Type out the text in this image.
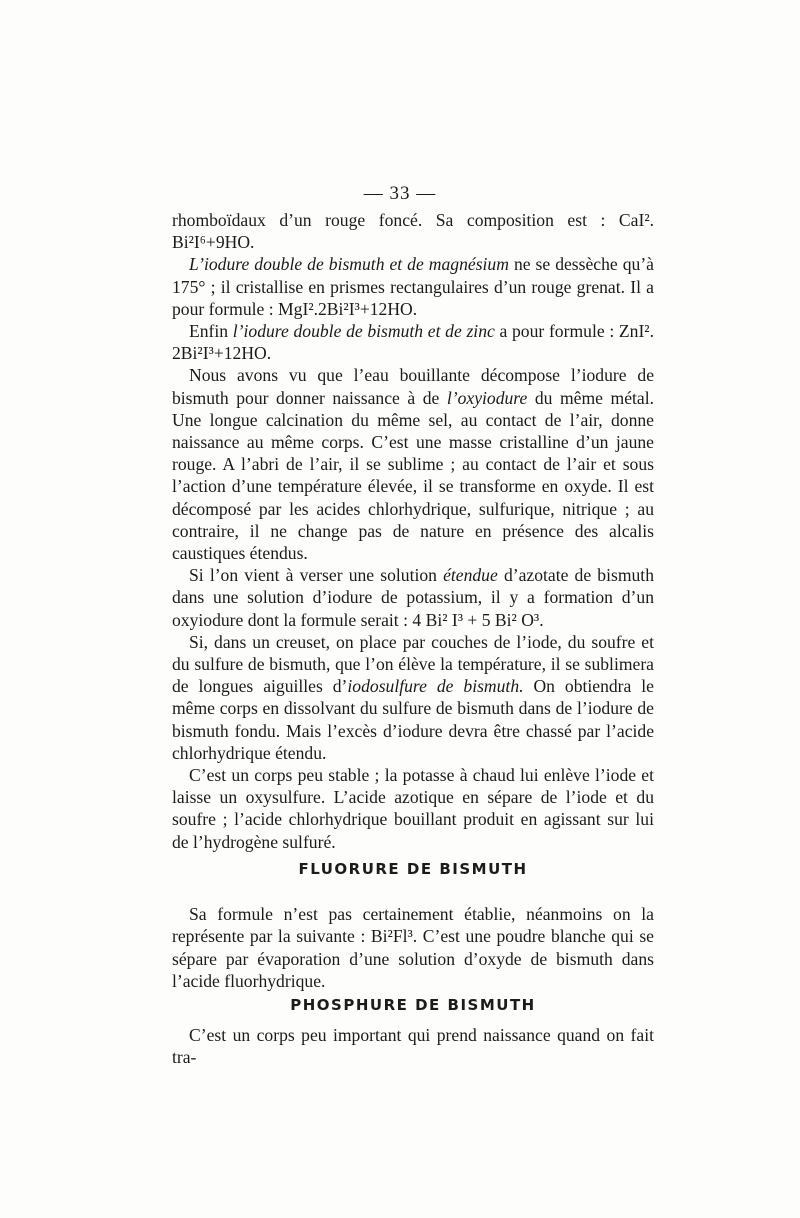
— 33 —

rhomboïdaux d’un rouge foncé. Sa composition est : CaI². Bi²I⁶+9HO.

L’iodure double de bismuth et de magnésium ne se dessèche qu’à 175° ; il cristallise en prismes rectangulaires d’un rouge grenat. Il a pour formule : MgI².2Bi²I³+12HO.

Enfin l’iodure double de bismuth et de zinc a pour formule : ZnI². 2Bi²I³+12HO.

Nous avons vu que l’eau bouillante décompose l’iodure de bismuth pour donner naissance à de l’oxyiodure du même métal. Une longue calcination du même sel, au contact de l’air, donne naissance au même corps. C’est une masse cristalline d’un jaune rouge. A l’abri de l’air, il se sublime ; au contact de l’air et sous l’action d’une température élevée, il se transforme en oxyde. Il est décomposé par les acides chlorhydrique, sulfurique, nitrique ; au contraire, il ne change pas de nature en présence des alcalis caustiques étendus.

Si l’on vient à verser une solution étendue d’azotate de bismuth dans une solution d’iodure de potassium, il y a formation d’un oxyiodure dont la formule serait : 4 Bi² I³ + 5 Bi² O³.

Si, dans un creuset, on place par couches de l’iode, du soufre et du sulfure de bismuth, que l’on élève la température, il se sublimera de longues aiguilles d’iodosulfure de bismuth. On obtiendra le même corps en dissolvant du sulfure de bismuth dans de l’iodure de bismuth fondu. Mais l’excès d’iodure devra être chassé par l’acide chlorhydrique étendu.

C’est un corps peu stable ; la potasse à chaud lui enlève l’iode et laisse un oxysulfure. L’acide azotique en sépare de l’iode et du soufre ; l’acide chlorhydrique bouillant produit en agissant sur lui de l’hydrogène sulfuré.

FLUORURE DE BISMUTH

Sa formule n’est pas certainement établie, néanmoins on la représente par la suivante : Bi²Fl³. C’est une poudre blanche qui se sépare par évaporation d’une solution d’oxyde de bismuth dans l’acide fluorhydrique.

PHOSPHURE DE BISMUTH

C’est un corps peu important qui prend naissance quand on fait tra-
